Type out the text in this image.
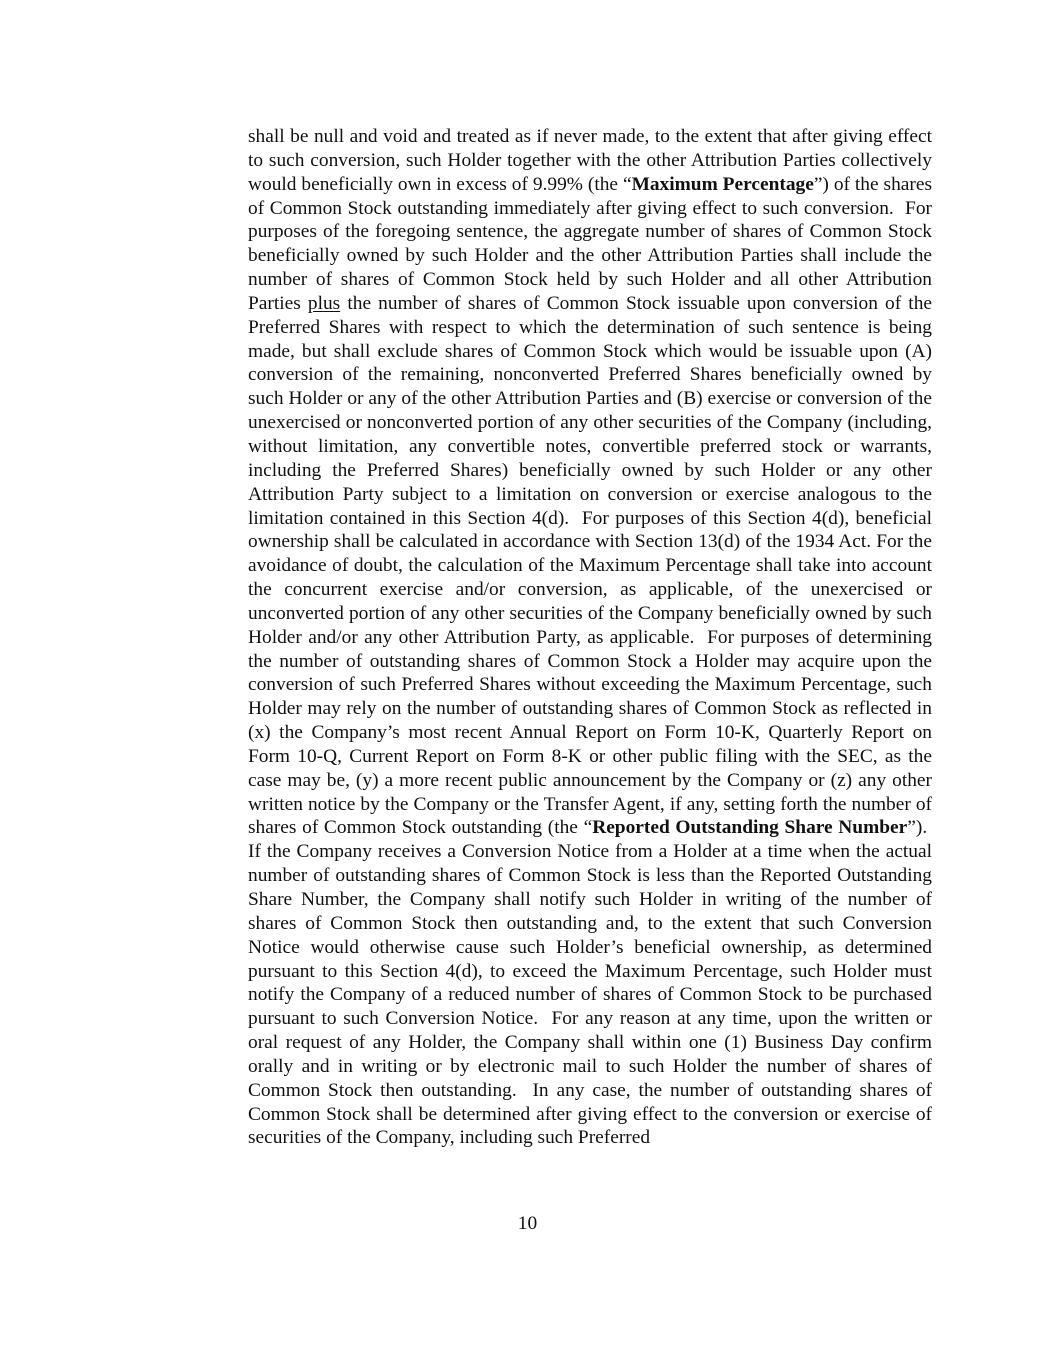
shall be null and void and treated as if never made, to the extent that after giving effect to such conversion, such Holder together with the other Attribution Parties collectively would beneficially own in excess of 9.99% (the “Maximum Percentage”) of the shares of Common Stock outstanding immediately after giving effect to such conversion.  For purposes of the foregoing sentence, the aggregate number of shares of Common Stock beneficially owned by such Holder and the other Attribution Parties shall include the number of shares of Common Stock held by such Holder and all other Attribution Parties plus the number of shares of Common Stock issuable upon conversion of the Preferred Shares with respect to which the determination of such sentence is being made, but shall exclude shares of Common Stock which would be issuable upon (A) conversion of the remaining, nonconverted Preferred Shares beneficially owned by such Holder or any of the other Attribution Parties and (B) exercise or conversion of the unexercised or nonconverted portion of any other securities of the Company (including, without limitation, any convertible notes, convertible preferred stock or warrants, including the Preferred Shares) beneficially owned by such Holder or any other Attribution Party subject to a limitation on conversion or exercise analogous to the limitation contained in this Section 4(d).  For purposes of this Section 4(d), beneficial ownership shall be calculated in accordance with Section 13(d) of the 1934 Act. For the avoidance of doubt, the calculation of the Maximum Percentage shall take into account the concurrent exercise and/or conversion, as applicable, of the unexercised or unconverted portion of any other securities of the Company beneficially owned by such Holder and/or any other Attribution Party, as applicable.  For purposes of determining the number of outstanding shares of Common Stock a Holder may acquire upon the conversion of such Preferred Shares without exceeding the Maximum Percentage, such Holder may rely on the number of outstanding shares of Common Stock as reflected in (x) the Company’s most recent Annual Report on Form 10-K, Quarterly Report on Form 10-Q, Current Report on Form 8-K or other public filing with the SEC, as the case may be, (y) a more recent public announcement by the Company or (z) any other written notice by the Company or the Transfer Agent, if any, setting forth the number of shares of Common Stock outstanding (the “Reported Outstanding Share Number”).  If the Company receives a Conversion Notice from a Holder at a time when the actual number of outstanding shares of Common Stock is less than the Reported Outstanding Share Number, the Company shall notify such Holder in writing of the number of shares of Common Stock then outstanding and, to the extent that such Conversion Notice would otherwise cause such Holder’s beneficial ownership, as determined pursuant to this Section 4(d), to exceed the Maximum Percentage, such Holder must notify the Company of a reduced number of shares of Common Stock to be purchased pursuant to such Conversion Notice.  For any reason at any time, upon the written or oral request of any Holder, the Company shall within one (1) Business Day confirm orally and in writing or by electronic mail to such Holder the number of shares of Common Stock then outstanding.  In any case, the number of outstanding shares of Common Stock shall be determined after giving effect to the conversion or exercise of securities of the Company, including such Preferred

10
